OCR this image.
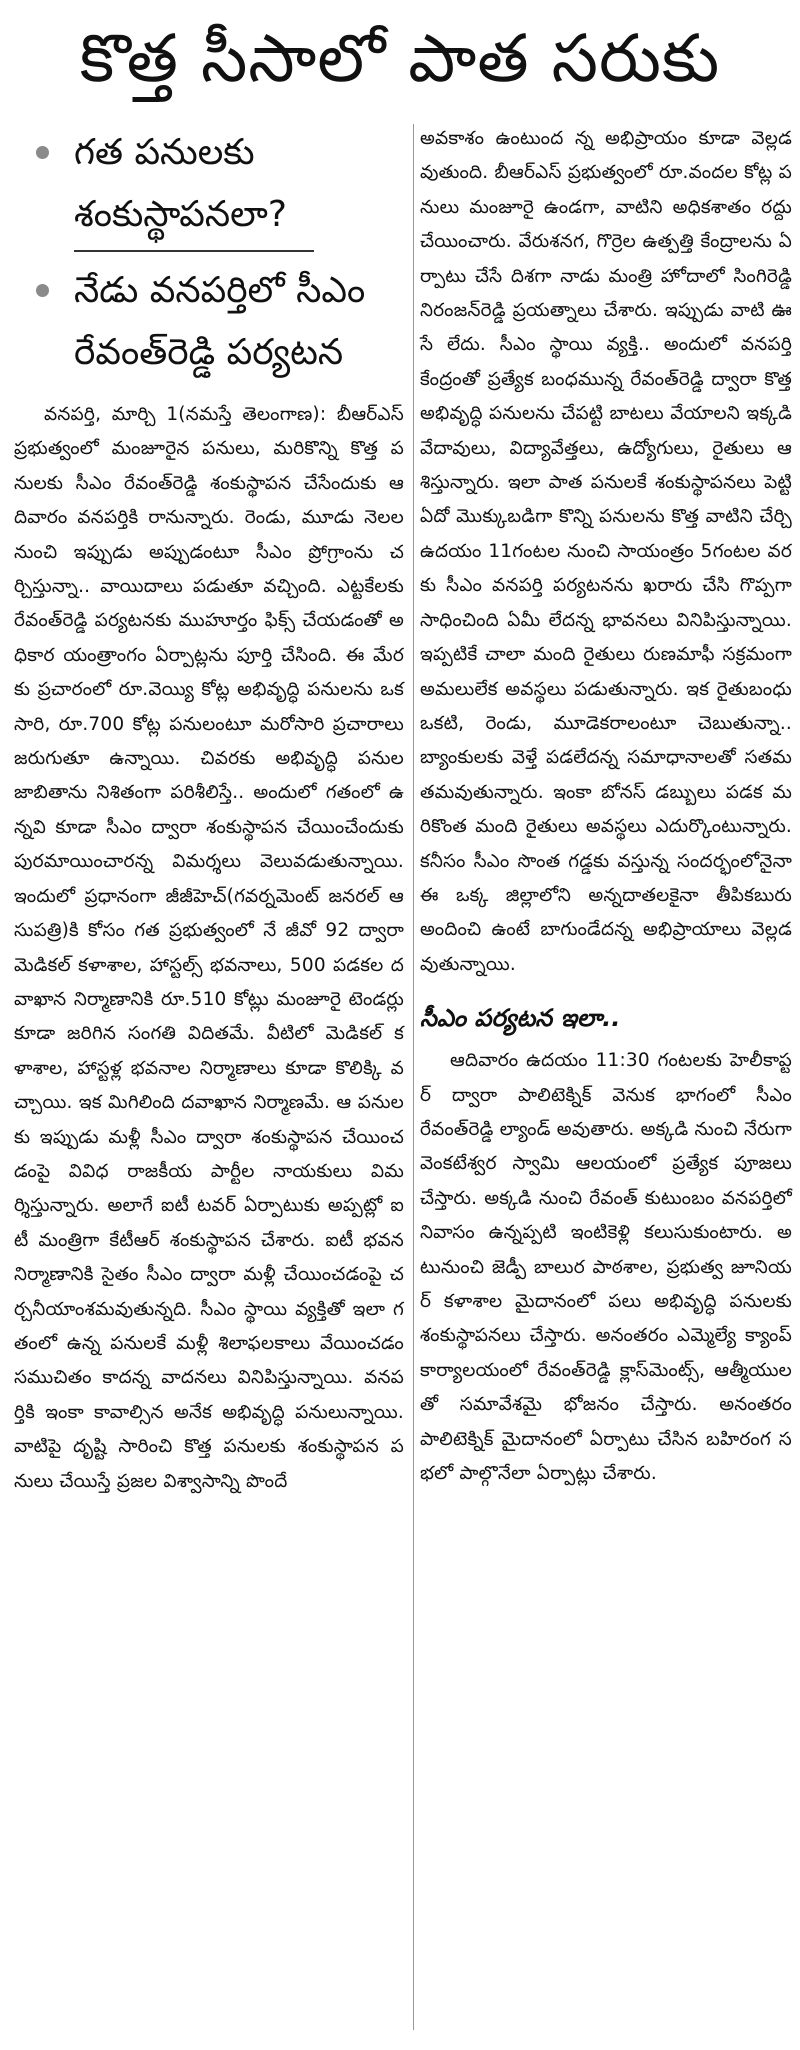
కొత్త సీసాలో పాత సరుకు
గత పనులకు
శంకుస్థాపనలా?
నేడు వనపర్తిలో సీఎం
రేవంత్‌రెడ్డి పర్యటన

వనపర్తి, మార్చి 1(నమస్తే తెలంగాణ): బీఆర్‌ఎస్ ప్రభుత్వంలో మంజూరైన పనులు, మరికొన్ని కొత్త పనులకు సీఎం రేవంత్‌రెడ్డి శంకుస్థాపన చేసేందుకు ఆదివారం వనపర్తికి రానున్నారు. రెండు, మూడు నెలల నుంచి ఇప్పుడు అప్పుడంటూ సీఎం ప్రోగ్రాంను చర్చిస్తున్నా.. వాయిదాలు పడుతూ వచ్చింది. ఎట్టకేలకు రేవంత్‌రెడ్డి పర్యటనకు ముహూర్తం ఫిక్స్ చేయడంతో అధికార యంత్రాంగం ఏర్పాట్లను పూర్తి చేసింది. ఈ మేరకు ప్రచారంలో రూ.వెయ్యి కోట్ల అభివృద్ధి పనులను ఒకసారి, రూ.700 కోట్ల పనులంటూ మరోసారి ప్రచారాలు జరుగుతూ ఉన్నాయి. చివరకు అభివృద్ధి పనుల జాబితాను నిశితంగా పరిశీలిస్తే.. అందులో గతంలో ఉన్నవి కూడా సీఎం ద్వారా శంకుస్థాపన చేయించేందుకు పురమాయించారన్న విమర్శలు వెలువడుతున్నాయి. ఇందులో ప్రధానంగా జీజీహెచ్(గవర్నమెంట్ జనరల్ ఆసుపత్రి)కి కోసం గత ప్రభుత్వంలో నే జీవో 92 ద్వారా మెడికల్ కళాశాల, హాస్టల్స్ భవనాలు, 500 పడకల దవాఖాన నిర్మాణానికి రూ.510 కోట్లు మంజూరై టెండర్లు కూడా జరిగిన సంగతి విదితమే. వీటిలో మెడికల్ కళాశాల, హాస్టళ్ల భవనాల నిర్మాణాలు కూడా కొలిక్కి వచ్చాయి. ఇక మిగిలింది దవాఖాన నిర్మాణమే. ఆ పనులకు ఇప్పుడు మళ్లీ సీఎం ద్వారా శంకుస్థాపన చేయించడంపై వివిధ రాజకీయ పార్టీల నాయకులు విమర్శిస్తున్నారు. అలాగే ఐటీ టవర్ ఏర్పాటుకు అప్పట్లో ఐటీ మంత్రిగా కేటీఆర్ శంకుస్థాపన చేశారు. ఐటీ భవన నిర్మాణానికి సైతం సీఎం ద్వారా మళ్లీ చేయించడంపై చర్చనీయాంశమవుతున్నది. సీఎం స్థాయి వ్యక్తితో ఇలా గతంలో ఉన్న పనులకే మళ్లీ శిలాఫలకాలు వేయించడం సముచితం కాదన్న వాదనలు వినిపిస్తున్నాయి. వనపర్తికి ఇంకా కావాల్సిన అనేక అభివృద్ధి పనులున్నాయి. వాటిపై దృష్టి సారించి కొత్త పనులకు శంకుస్థాపన పనులు చేయిస్తే ప్రజల విశ్వాసాన్ని పొందే

అవకాశం ఉంటుంద న్న అభిప్రాయం కూడా వెల్లడవుతుంది. బీఆర్‌ఎస్ ప్రభుత్వంలో రూ.వందల కోట్ల పనులు మంజూరై ఉండగా, వాటిని అధికశాతం రద్దు చేయించారు. వేరుశనగ, గొర్రెల ఉత్పత్తి కేంద్రాలను ఏర్పాటు చేసే దిశగా నాడు మంత్రి హోదాలో సింగిరెడ్డి నిరంజన్‌రెడ్డి ప్రయత్నాలు చేశారు. ఇప్పుడు వాటి ఊసే లేదు. సీఎం స్థాయి వ్యక్తి.. అందులో వనపర్తి కేంద్రంతో ప్రత్యేక బంధమున్న రేవంత్‌రెడ్డి ద్వారా కొత్త అభివృద్ధి పనులను చేపట్టి బాటలు వేయాలని ఇక్కడి వేదావులు, విద్యావేత్తలు, ఉద్యోగులు, రైతులు ఆశిస్తున్నారు. ఇలా పాత పనులకే శంకుస్థాపనలు పెట్టి ఏదో మొక్కుబడిగా కొన్ని పనులను కొత్త వాటిని చేర్చి ఉదయం 11గంటల నుంచి సాయంత్రం 5గంటల వరకు సీఎం వనపర్తి పర్యటనను ఖరారు చేసి గొప్పగా సాధించింది ఏమీ లేదన్న భావనలు వినిపిస్తున్నాయి. ఇప్పటికే చాలా మంది రైతులు రుణమాఫీ సక్రమంగా అమలులేక అవస్థలు పడుతున్నారు. ఇక రైతుబంధు ఒకటి, రెండు, మూడెకరాలంటూ చెబుతున్నా.. బ్యాంకులకు వెళ్తే పడలేదన్న సమాధానాలతో సతమతమవుతున్నారు. ఇంకా బోనస్ డబ్బులు పడక మరికొంత మంది రైతులు అవస్థలు ఎదుర్కొంటున్నారు. కనీసం సీఎం సొంత గడ్డకు వస్తున్న సందర్భంలోనైనా ఈ ఒక్క జిల్లాలోని అన్నదాతలకైనా తీపికబురు అందించి ఉంటే బాగుండేదన్న అభిప్రాయాలు వెల్లడవుతున్నాయి.

సీఎం పర్యటన ఇలా..

ఆదివారం ఉదయం 11:30 గంటలకు హెలీకాప్టర్ ద్వారా పాలిటెక్నిక్ వెనుక భాగంలో సీఎం రేవంత్‌రెడ్డి ల్యాండ్ అవుతారు. అక్కడి నుంచి నేరుగా వెంకటేశ్వర స్వామి ఆలయంలో ప్రత్యేక పూజలు చేస్తారు. అక్కడి నుంచి రేవంత్ కుటుంబం వనపర్తిలో నివాసం ఉన్నప్పటి ఇంటికెళ్లి కలుసుకుంటారు. అటునుంచి జెడ్పీ బాలుర పాఠశాల, ప్రభుత్వ జూనియర్ కళాశాల మైదానంలో పలు అభివృద్ధి పనులకు శంకుస్థాపనలు చేస్తారు. అనంతరం ఎమ్మెల్యే క్యాంప్ కార్యాలయంలో రేవంత్‌రెడ్డి క్లాస్‌మెంట్స్, ఆత్మీయులతో సమావేశమై భోజనం చేస్తారు. అనంతరం పాలిటెక్నిక్ మైదానంలో ఏర్పాటు చేసిన బహిరంగ సభలో పాల్గొనేలా ఏర్పాట్లు చేశారు.
